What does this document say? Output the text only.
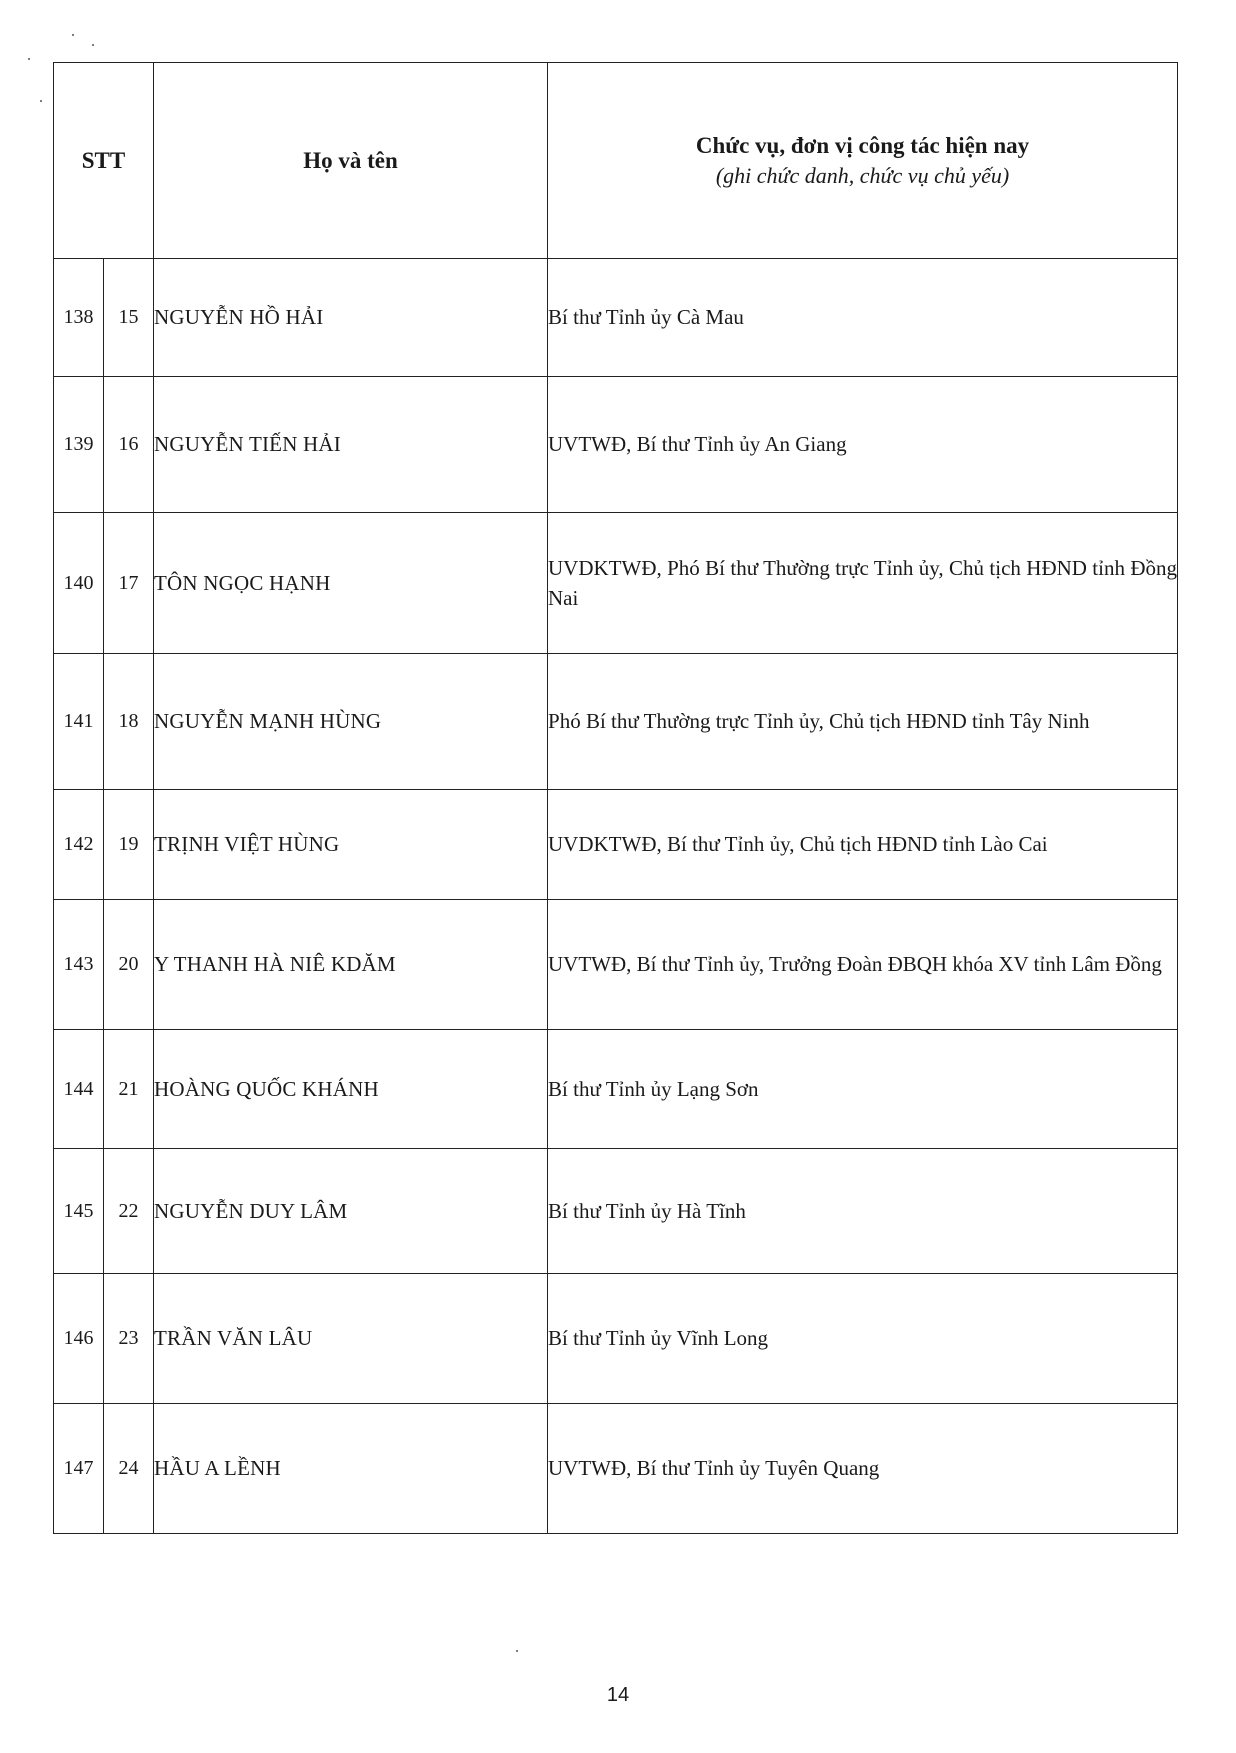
STT		Họ và tên	Chức vụ, đơn vị công tác hiện nay
(ghi chức danh, chức vụ chủ yếu)

138	15	NGUYỄN HỒ HẢI	Bí thư Tỉnh ủy Cà Mau
139	16	NGUYỄN TIẾN HẢI	UVTWĐ, Bí thư Tỉnh ủy An Giang
140	17	TÔN NGỌC HẠNH	UVDKTWĐ, Phó Bí thư Thường trực Tỉnh ủy, Chủ tịch HĐND tỉnh Đồng Nai
141	18	NGUYỄN MẠNH HÙNG	Phó Bí thư Thường trực Tỉnh ủy, Chủ tịch HĐND tỉnh Tây Ninh
142	19	TRỊNH VIỆT HÙNG	UVDKTWĐ, Bí thư Tỉnh ủy, Chủ tịch HĐND tỉnh Lào Cai
143	20	Y THANH HÀ NIÊ KDĂM	UVTWĐ, Bí thư Tỉnh ủy, Trưởng Đoàn ĐBQH khóa XV tỉnh Lâm Đồng
144	21	HOÀNG QUỐC KHÁNH	Bí thư Tỉnh ủy Lạng Sơn
145	22	NGUYỄN DUY LÂM	Bí thư Tỉnh ủy Hà Tĩnh
146	23	TRẦN VĂN LÂU	Bí thư Tỉnh ủy Vĩnh Long
147	24	HẦU A LỀNH	UVTWĐ, Bí thư Tỉnh ủy Tuyên Quang
14
